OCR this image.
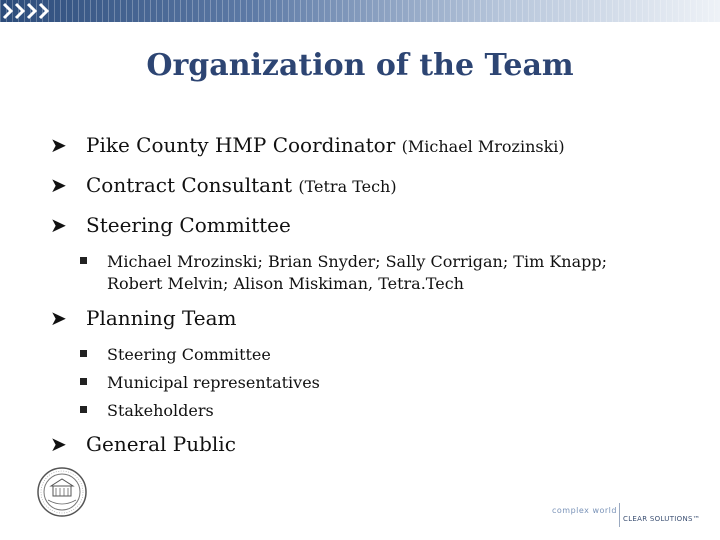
Organization of the Team
➤ Pike County HMP Coordinator (Michael Mrozinski)
➤ Contract Consultant (Tetra Tech)
➤ Steering Committee
Michael Mrozinski; Brian Snyder; Sally Corrigan; Tim Knapp; Robert Melvin; Alison Miskiman, Tetra.Tech
➤ Planning Team
Steering Committee
Municipal representatives
Stakeholders
➤ General Public
complex world
CLEAR SOLUTIONS™
